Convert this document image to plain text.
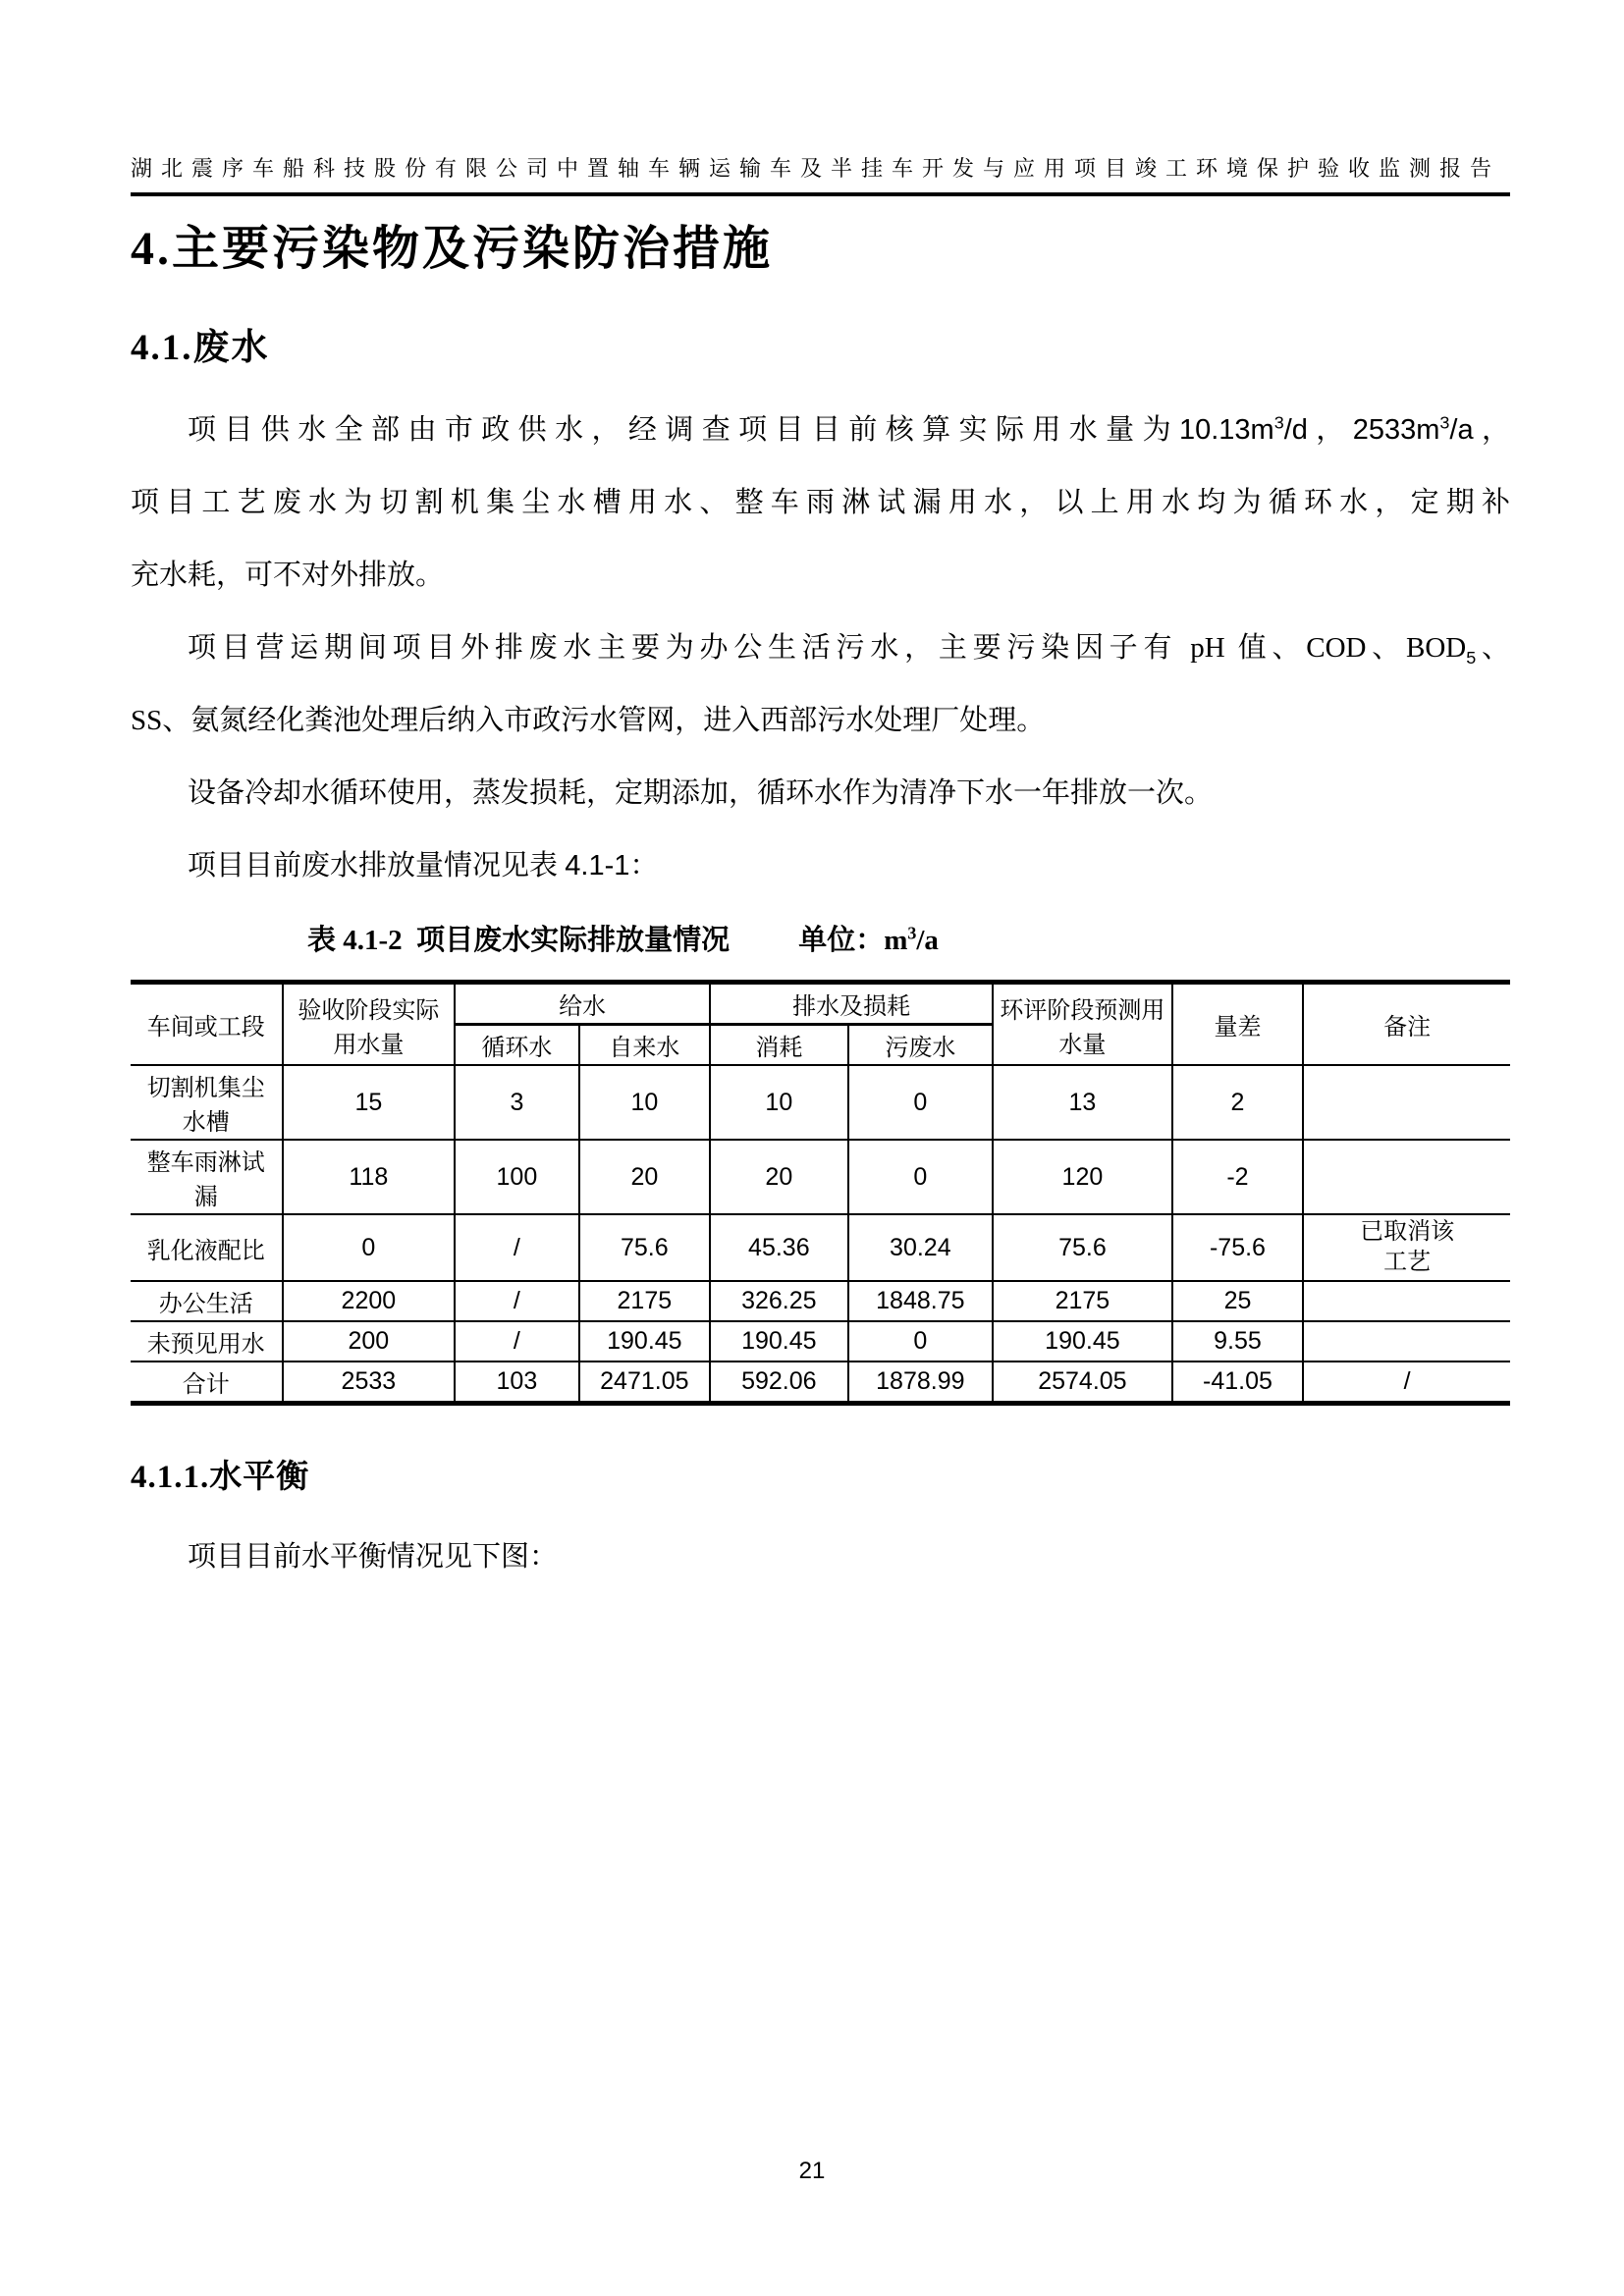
湖北震序车船科技股份有限公司中置轴车辆运输车及半挂车开发与应用项目竣工环境保护验收监测报告
4.主要污染物及污染防治措施
4.1.废水
项目供水全部由市政供水，经调查项目目前核算实际用水量为$10.13m^3/d$，$2533m^3/a$，
项目工艺废水为切割机集尘水槽用水、整车雨淋试漏用水，以上用水均为循环水，定期补
充水耗，可不对外排放。
项目营运期间项目外排废水主要为办公生活污水，主要污染因子有 pH 值、COD、$BOD_5$、
SS、氨氮经化粪池处理后纳入市政污水管网，进入西部污水处理厂处理。
设备冷却水循环使用，蒸发损耗，定期添加，循环水作为清净下水一年排放一次。
项目目前废水排放量情况见表 4.1-1：
表 4.1-2 项目废水实际排放量情况 单位：$m^3/a$
车间或工段	验收阶段实际用水量	给水		排水及损耗		环评阶段预测用水量	量差	备注
		循环水	自来水	消耗	污废水			
切割机集尘水槽	15	3	10	10	0	13	2	
整车雨淋试漏	118	100	20	20	0	120	-2	
乳化液配比	0	/	75.6	45.36	30.24	75.6	-75.6	已取消该工艺
办公生活	2200	/	2175	326.25	1848.75	2175	25	
未预见用水	200	/	190.45	190.45	0	190.45	9.55	
合计	2533	103	2471.05	592.06	1878.99	2574.05	-41.05	/
4.1.1.水平衡
项目目前水平衡情况见下图：
21
